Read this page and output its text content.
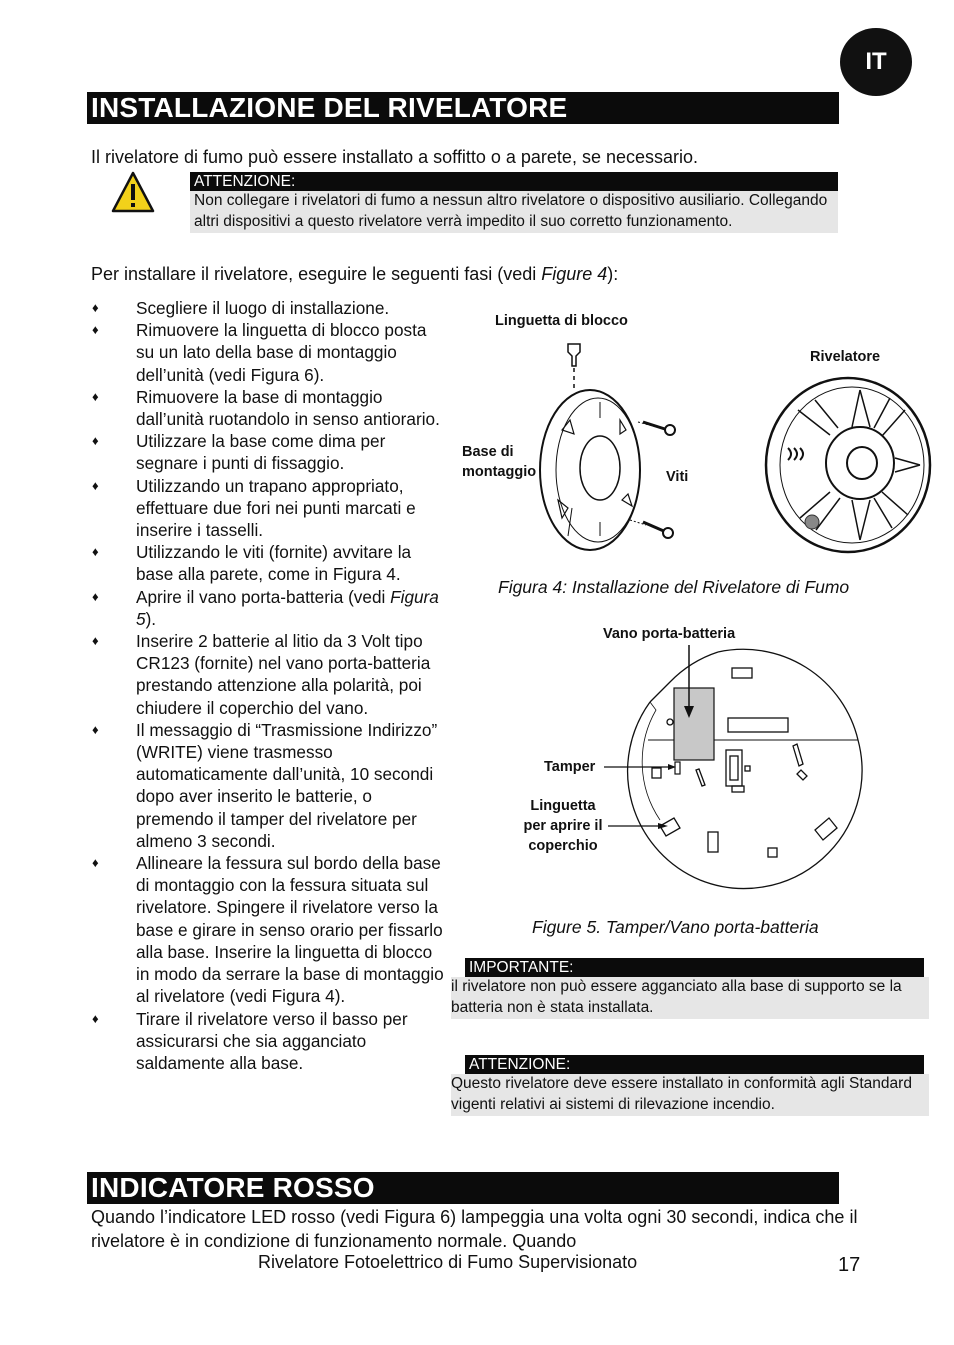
IT
INSTALLAZIONE DEL RIVELATORE
Il rivelatore di fumo può essere installato a soffitto o a parete, se necessario.
ATTENZIONE:
Non collegare i rivelatori di fumo a nessun altro rivelatore o dispositivo ausiliario. Collegando altri dispositivi a questo rivelatore verrà impedito il suo corretto funzionamento.
Per installare il rivelatore, eseguire le seguenti fasi (vedi Figure 4):
♦ Scegliere il luogo di installazione.
♦ Rimuovere la linguetta di blocco posta su un lato della base di montaggio dell’unità (vedi Figura 6).
♦ Rimuovere la base di montaggio dall’unità ruotandolo in senso antiorario.
♦ Utilizzare la base come dima per segnare i punti di fissaggio.
♦ Utilizzando un trapano appropriato, effettuare due fori nei punti marcati e inserire i tasselli.
♦ Utilizzando le viti (fornite) avvitare la base alla parete, come in Figura 4.
♦ Aprire il vano porta-batteria (vedi Figura 5).
♦ Inserire 2 batterie al litio da 3 Volt tipo CR123 (fornite) nel vano porta-batteria prestando attenzione alla polarità, poi chiudere il coperchio del vano.
♦ Il messaggio di “Trasmissione Indirizzo” (WRITE) viene trasmesso automaticamente dall’unità, 10 secondi dopo aver inserito le batterie, o premendo il tamper del rivelatore per almeno 3 secondi.
♦ Allineare la fessura sul bordo della base di montaggio con la fessura situata sul rivelatore. Spingere il rivelatore verso la base e girare in senso orario per fissarlo alla base. Inserire la linguetta di blocco in modo da serrare la base di montaggio al rivelatore (vedi Figura 4).
♦ Tirare il rivelatore verso il basso per assicurarsi che sia agganciato saldamente alla base.
Linguetta di blocco
Rivelatore
Base di
montaggio	Viti
Figura 4: Installazione del Rivelatore di Fumo
Vano porta-batteria
Tamper
Linguetta
per aprire il
coperchio
Figure 5. Tamper/Vano porta-batteria
IMPORTANTE:
il rivelatore non può essere agganciato alla base di supporto se la batteria non è stata installata.
ATTENZIONE:
Questo rivelatore deve essere installato in conformità agli Standard vigenti relativi ai sistemi di rilevazione incendio.
INDICATORE ROSSO
Quando l’indicatore LED rosso (vedi Figura 6) lampeggia una volta ogni 30 secondi, indica che il rivelatore è in condizione di funzionamento normale. Quando
Rivelatore Fotoelettrico di Fumo Supervisionato	17
